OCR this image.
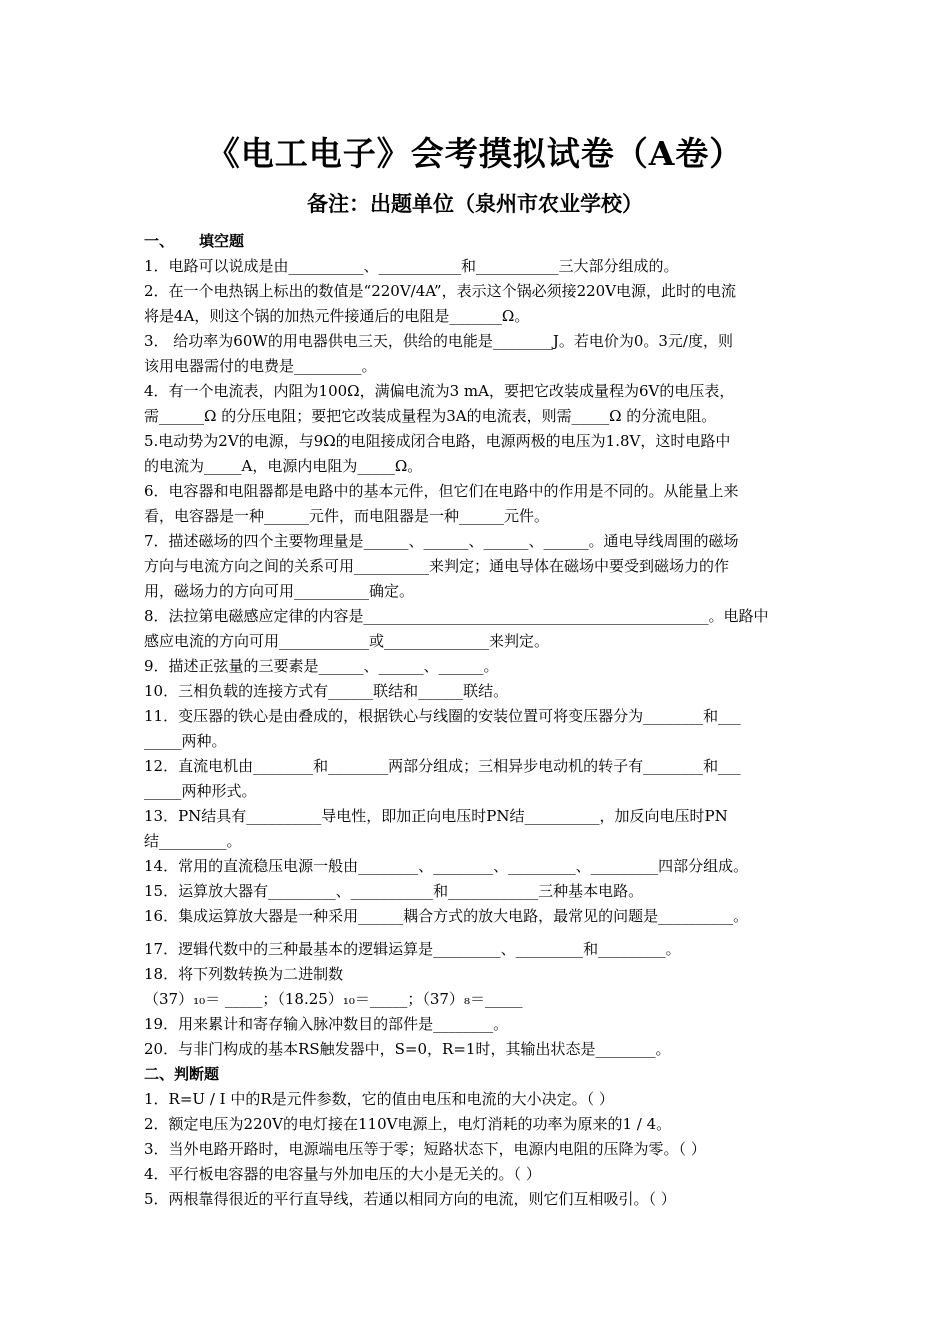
《电工电子》会考摸拟试卷（A卷）
备注：出题单位（泉州市农业学校）
一、 填空题
1．电路可以说成是由__________、___________和___________三大部分组成的。
2．在一个电热锅上标出的数值是“220V/4A”，表示这个锅必须接220V电源，此时的电流
将是4A，则这个锅的加热元件接通后的电阻是_______Ω。
3． 给功率为60W的用电器供电三天，供给的电能是________J。若电价为0。3元/度，则
该用电器需付的电费是_________。
4．有一个电流表，内阻为100Ω，满偏电流为3 mA，要把它改装成量程为6V的电压表，
需______Ω 的分压电阻；要把它改装成量程为3A的电流表，则需_____Ω 的分流电阻。
5.电动势为2V的电源，与9Ω的电阻接成闭合电路，电源两极的电压为1.8V，这时电路中
的电流为_____A，电源内电阻为_____Ω。
6．电容器和电阻器都是电路中的基本元件，但它们在电路中的作用是不同的。从能量上来
看，电容器是一种______元件，而电阻器是一种______元件。
7．描述磁场的四个主要物理量是______、______、______、______。通电导线周围的磁场
方向与电流方向之间的关系可用__________来判定；通电导体在磁场中要受到磁场力的作
用，磁场力的方向可用__________确定。
8．法拉第电磁感应定律的内容是______________________________________________。电路中
感应电流的方向可用____________或______________来判定。
9．描述正弦量的三要素是______、______、______。
10．三相负载的连接方式有______联结和______联结。
11．变压器的铁心是由叠成的，根据铁心与线圈的安装位置可将变压器分为________和___
_____两种。
12．直流电机由________和________两部分组成；三相异步电动机的转子有________和___
_____两种形式。
13．PN结具有__________导电性，即加正向电压时PN结__________，加反向电压时PN
结_________。
14．常用的直流稳压电源一般由________、________、_________、_________四部分组成。
15．运算放大器有_________、___________和____________三种基本电路。
16．集成运算放大器是一种采用______耦合方式的放大电路，最常见的问题是__________。
17．逻辑代数中的三种最基本的逻辑运算是_________、_________和_________。
18．将下列数转换为二进制数
（37）₁₀＝ _____；（18.25）₁₀＝_____；（37）₈＝_____
19．用来累计和寄存输入脉冲数目的部件是________。
20．与非门构成的基本RS触发器中，S=0，R=1时，其输出状态是________。
二、判断题
1．R=U / I 中的R是元件参数，它的值由电压和电流的大小决定。（ ）
2．额定电压为220V的电灯接在110V电源上，电灯消耗的功率为原来的1 / 4。
3．当外电路开路时，电源端电压等于零；短路状态下，电源内电阻的压降为零。（ ）
4．平行板电容器的电容量与外加电压的大小是无关的。（ ）
5．两根靠得很近的平行直导线，若通以相同方向的电流，则它们互相吸引。（ ）
